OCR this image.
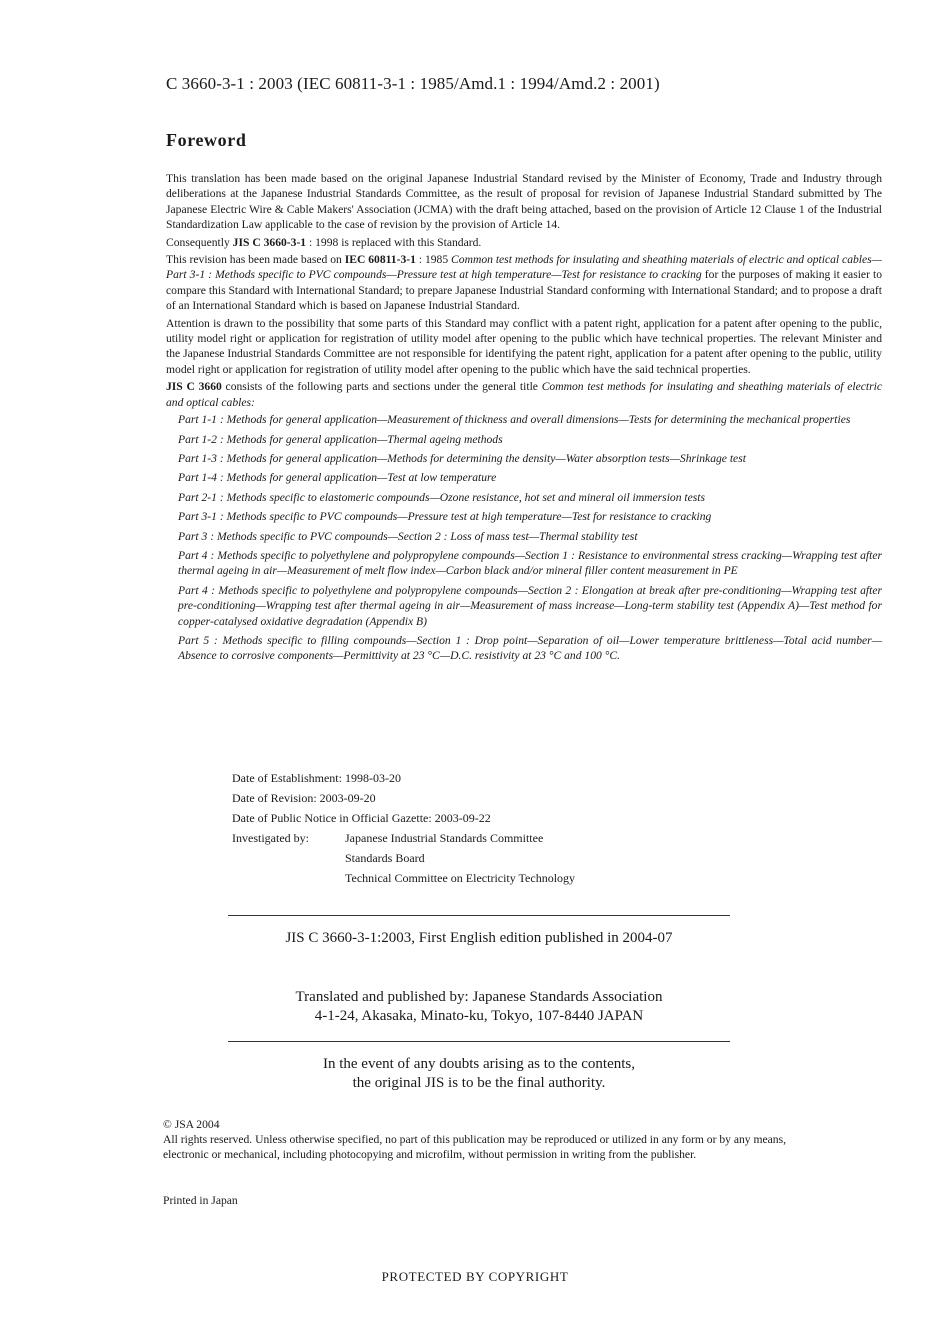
C 3660-3-1 : 2003 (IEC 60811-3-1 : 1985/Amd.1 : 1994/Amd.2 : 2001)
Foreword

This translation has been made based on the original Japanese Industrial Standard revised by the Minister of Economy, Trade and Industry through deliberations at the Japanese Industrial Standards Committee, as the result of proposal for revision of Japanese Industrial Standard submitted by The Japanese Electric Wire & Cable Makers' Association (JCMA) with the draft being attached, based on the provision of Article 12 Clause 1 of the Industrial Standardization Law applicable to the case of revision by the provision of Article 14.

Consequently JIS C 3660-3-1 : 1998 is replaced with this Standard.

This revision has been made based on IEC 60811-3-1 : 1985 Common test methods for insulating and sheathing materials of electric and optical cables—Part 3-1 : Methods specific to PVC compounds—Pressure test at high temperature—Test for resistance to cracking for the purposes of making it easier to compare this Standard with International Standard; to prepare Japanese Industrial Standard conforming with International Standard; and to propose a draft of an International Standard which is based on Japanese Industrial Standard.

Attention is drawn to the possibility that some parts of this Standard may conflict with a patent right, application for a patent after opening to the public, utility model right or application for registration of utility model after opening to the public which have technical properties. The relevant Minister and the Japanese Industrial Standards Committee are not responsible for identifying the patent right, application for a patent after opening to the public, utility model right or application for registration of utility model after opening to the public which have the said technical properties.

JIS C 3660 consists of the following parts and sections under the general title Common test methods for insulating and sheathing materials of electric and optical cables:

Part 1-1 : Methods for general application—Measurement of thickness and overall dimensions—Tests for determining the mechanical properties
Part 1-2 : Methods for general application—Thermal ageing methods
Part 1-3 : Methods for general application—Methods for determining the density—Water absorption tests—Shrinkage test
Part 1-4 : Methods for general application—Test at low temperature
Part 2-1 : Methods specific to elastomeric compounds—Ozone resistance, hot set and mineral oil immersion tests
Part 3-1 : Methods specific to PVC compounds—Pressure test at high temperature—Test for resistance to cracking
Part 3 : Methods specific to PVC compounds—Section 2 : Loss of mass test—Thermal stability test
Part 4 : Methods specific to polyethylene and polypropylene compounds—Section 1 : Resistance to environmental stress cracking—Wrapping test after thermal ageing in air—Measurement of melt flow index—Carbon black and/or mineral filler content measurement in PE
Part 4 : Methods specific to polyethylene and polypropylene compounds—Section 2 : Elongation at break after pre-conditioning—Wrapping test after pre-conditioning—Wrapping test after thermal ageing in air—Measurement of mass increase—Long-term stability test (Appendix A)—Test method for copper-catalysed oxidative degradation (Appendix B)
Part 5 : Methods specific to filling compounds—Section 1 : Drop point—Separation of oil—Lower temperature brittleness—Total acid number—Absence to corrosive components—Permittivity at 23 °C—D.C. resistivity at 23 °C and 100 °C.
Date of Establishment: 1998-03-20
Date of Revision: 2003-09-20
Date of Public Notice in Official Gazette: 2003-09-22
Investigated by:	Japanese Industrial Standards Committee
Standards Board
Technical Committee on Electricity Technology
JIS C 3660-3-1:2003, First English edition published in 2004-07
Translated and published by: Japanese Standards Association
4-1-24, Akasaka, Minato-ku, Tokyo, 107-8440 JAPAN
In the event of any doubts arising as to the contents,
the original JIS is to be the final authority.
© JSA 2004
All rights reserved. Unless otherwise specified, no part of this publication may be reproduced or utilized in any form or by any means, electronic or mechanical, including photocopying and microfilm, without permission in writing from the publisher.
Printed in Japan
PROTECTED BY COPYRIGHT
